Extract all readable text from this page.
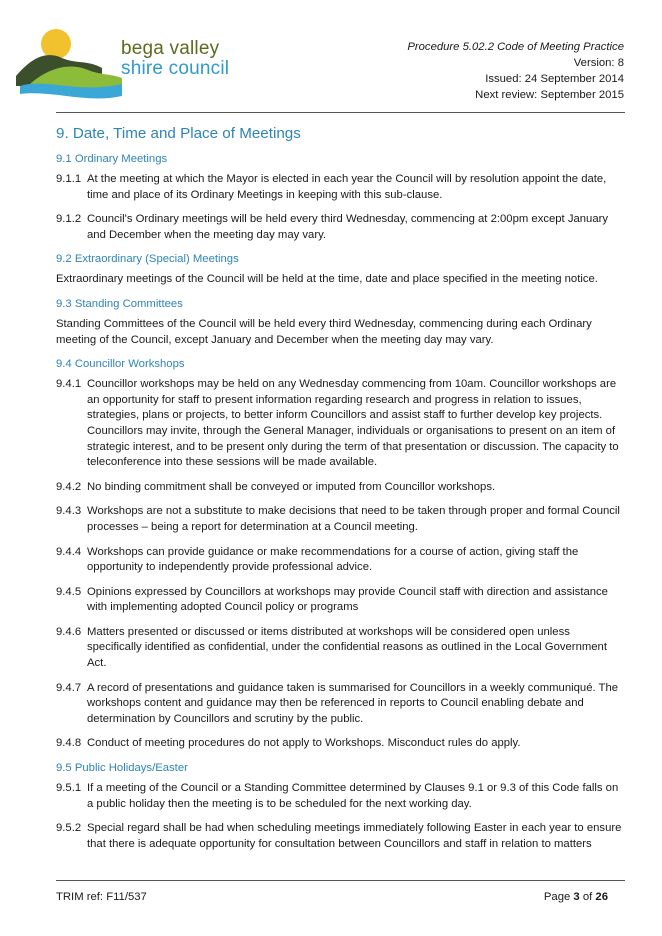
bega valley
shire council
Procedure 5.02.2 Code of Meeting Practice
Version: 8
Issued: 24 September 2014
Next review: September 2015
9. Date, Time and Place of Meetings
9.1 Ordinary Meetings
9.1.1 At the meeting at which the Mayor is elected in each year the Council will by resolution appoint the date, time and place of its Ordinary Meetings in keeping with this sub-clause.
9.1.2 Council's Ordinary meetings will be held every third Wednesday, commencing at 2:00pm except January and December when the meeting day may vary.
9.2 Extraordinary (Special) Meetings

Extraordinary meetings of the Council will be held at the time, date and place specified in the meeting notice.

9.3 Standing Committees

Standing Committees of the Council will be held every third Wednesday, commencing during each Ordinary meeting of the Council, except January and December when the meeting day may vary.

9.4 Councillor Workshops
9.4.1 Councillor workshops may be held on any Wednesday commencing from 10am. Councillor workshops are an opportunity for staff to present information regarding research and progress in relation to issues, strategies, plans or projects, to better inform Councillors and assist staff to further develop key projects. Councillors may invite, through the General Manager, individuals or organisations to present on an item of strategic interest, and to be present only during the term of that presentation or discussion. The capacity to teleconference into these sessions will be made available.
9.4.2 No binding commitment shall be conveyed or imputed from Councillor workshops.
9.4.3 Workshops are not a substitute to make decisions that need to be taken through proper and formal Council processes – being a report for determination at a Council meeting.
9.4.4 Workshops can provide guidance or make recommendations for a course of action, giving staff the opportunity to independently provide professional advice.
9.4.5 Opinions expressed by Councillors at workshops may provide Council staff with direction and assistance with implementing adopted Council policy or programs
9.4.6 Matters presented or discussed or items distributed at workshops will be considered open unless specifically identified as confidential, under the confidential reasons as outlined in the Local Government Act.
9.4.7 A record of presentations and guidance taken is summarised for Councillors in a weekly communiqué. The workshops content and guidance may then be referenced in reports to Council enabling debate and determination by Councillors and scrutiny by the public.
9.4.8 Conduct of meeting procedures do not apply to Workshops. Misconduct rules do apply.
9.5 Public Holidays/Easter
9.5.1 If a meeting of the Council or a Standing Committee determined by Clauses 9.1 or 9.3 of this Code falls on a public holiday then the meeting is to be scheduled for the next working day.
9.5.2 Special regard shall be had when scheduling meetings immediately following Easter in each year to ensure that there is adequate opportunity for consultation between Councillors and staff in relation to matters
TRIM ref: F11/537	Page 3 of 26
